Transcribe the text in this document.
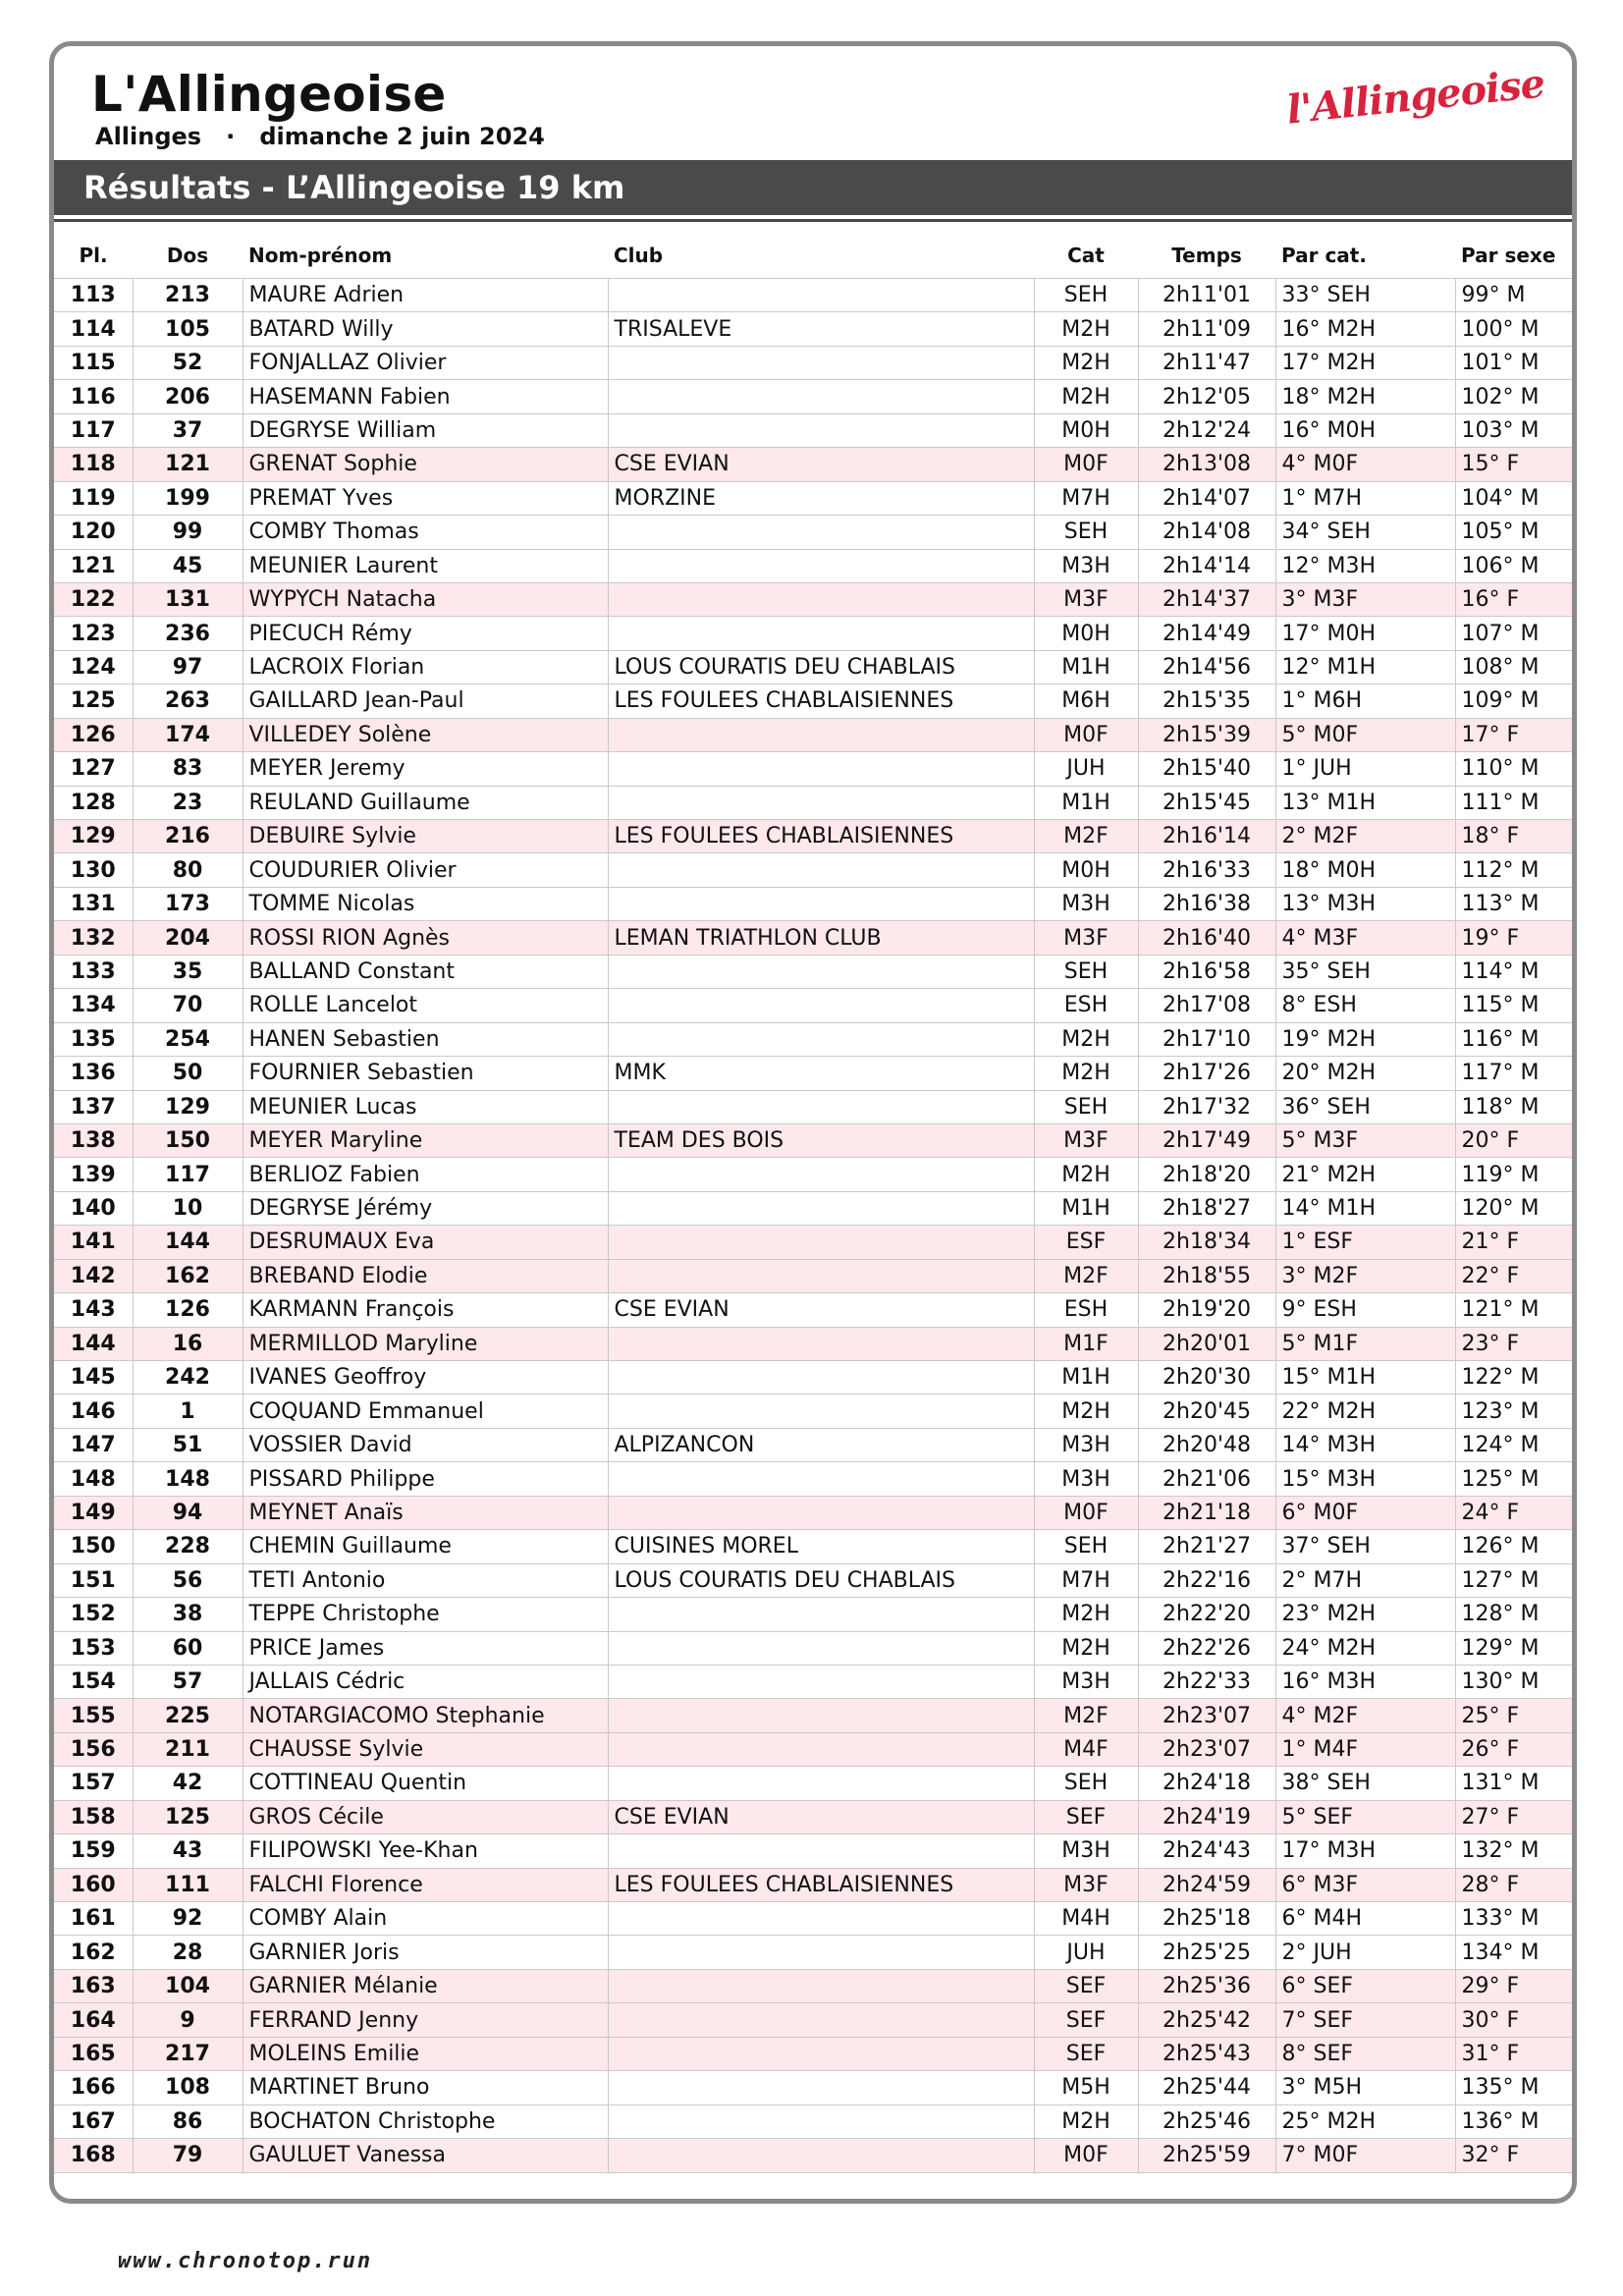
L'Allingeoise
Allinges · dimanche 2 juin 2024
l'Allingeoise
Résultats - L’Allingeoise 19 km
Pl.	Dos	Nom-prénom	Club	Cat	Temps	Par cat.	Par sexe
113	213	MAURE Adrien		SEH	2h11'01	33° SEH	99° M
114	105	BATARD Willy	TRISALEVE	M2H	2h11'09	16° M2H	100° M
115	52	FONJALLAZ Olivier		M2H	2h11'47	17° M2H	101° M
116	206	HASEMANN Fabien		M2H	2h12'05	18° M2H	102° M
117	37	DEGRYSE William		M0H	2h12'24	16° M0H	103° M
118	121	GRENAT Sophie	CSE EVIAN	M0F	2h13'08	4° M0F	15° F
119	199	PREMAT Yves	MORZINE	M7H	2h14'07	1° M7H	104° M
120	99	COMBY Thomas		SEH	2h14'08	34° SEH	105° M
121	45	MEUNIER Laurent		M3H	2h14'14	12° M3H	106° M
122	131	WYPYCH Natacha		M3F	2h14'37	3° M3F	16° F
123	236	PIECUCH Rémy		M0H	2h14'49	17° M0H	107° M
124	97	LACROIX Florian	LOUS COURATIS DEU CHABLAIS	M1H	2h14'56	12° M1H	108° M
125	263	GAILLARD Jean-Paul	LES FOULEES CHABLAISIENNES	M6H	2h15'35	1° M6H	109° M
126	174	VILLEDEY Solène		M0F	2h15'39	5° M0F	17° F
127	83	MEYER Jeremy		JUH	2h15'40	1° JUH	110° M
128	23	REULAND Guillaume		M1H	2h15'45	13° M1H	111° M
129	216	DEBUIRE Sylvie	LES FOULEES CHABLAISIENNES	M2F	2h16'14	2° M2F	18° F
130	80	COUDURIER Olivier		M0H	2h16'33	18° M0H	112° M
131	173	TOMME Nicolas		M3H	2h16'38	13° M3H	113° M
132	204	ROSSI RION Agnès	LEMAN TRIATHLON CLUB	M3F	2h16'40	4° M3F	19° F
133	35	BALLAND Constant		SEH	2h16'58	35° SEH	114° M
134	70	ROLLE Lancelot		ESH	2h17'08	8° ESH	115° M
135	254	HANEN Sebastien		M2H	2h17'10	19° M2H	116° M
136	50	FOURNIER Sebastien	MMK	M2H	2h17'26	20° M2H	117° M
137	129	MEUNIER Lucas		SEH	2h17'32	36° SEH	118° M
138	150	MEYER Maryline	TEAM DES BOIS	M3F	2h17'49	5° M3F	20° F
139	117	BERLIOZ Fabien		M2H	2h18'20	21° M2H	119° M
140	10	DEGRYSE Jérémy		M1H	2h18'27	14° M1H	120° M
141	144	DESRUMAUX Eva		ESF	2h18'34	1° ESF	21° F
142	162	BREBAND Elodie		M2F	2h18'55	3° M2F	22° F
143	126	KARMANN François	CSE EVIAN	ESH	2h19'20	9° ESH	121° M
144	16	MERMILLOD Maryline		M1F	2h20'01	5° M1F	23° F
145	242	IVANES Geoffroy		M1H	2h20'30	15° M1H	122° M
146	1	COQUAND Emmanuel		M2H	2h20'45	22° M2H	123° M
147	51	VOSSIER David	ALPIZANCON	M3H	2h20'48	14° M3H	124° M
148	148	PISSARD Philippe		M3H	2h21'06	15° M3H	125° M
149	94	MEYNET Anaïs		M0F	2h21'18	6° M0F	24° F
150	228	CHEMIN Guillaume	CUISINES MOREL	SEH	2h21'27	37° SEH	126° M
151	56	TETI Antonio	LOUS COURATIS DEU CHABLAIS	M7H	2h22'16	2° M7H	127° M
152	38	TEPPE Christophe		M2H	2h22'20	23° M2H	128° M
153	60	PRICE James		M2H	2h22'26	24° M2H	129° M
154	57	JALLAIS Cédric		M3H	2h22'33	16° M3H	130° M
155	225	NOTARGIACOMO Stephanie		M2F	2h23'07	4° M2F	25° F
156	211	CHAUSSE Sylvie		M4F	2h23'07	1° M4F	26° F
157	42	COTTINEAU Quentin		SEH	2h24'18	38° SEH	131° M
158	125	GROS Cécile	CSE EVIAN	SEF	2h24'19	5° SEF	27° F
159	43	FILIPOWSKI Yee-Khan		M3H	2h24'43	17° M3H	132° M
160	111	FALCHI Florence	LES FOULEES CHABLAISIENNES	M3F	2h24'59	6° M3F	28° F
161	92	COMBY Alain		M4H	2h25'18	6° M4H	133° M
162	28	GARNIER Joris		JUH	2h25'25	2° JUH	134° M
163	104	GARNIER Mélanie		SEF	2h25'36	6° SEF	29° F
164	9	FERRAND Jenny		SEF	2h25'42	7° SEF	30° F
165	217	MOLEINS Emilie		SEF	2h25'43	8° SEF	31° F
166	108	MARTINET Bruno		M5H	2h25'44	3° M5H	135° M
167	86	BOCHATON Christophe		M2H	2h25'46	25° M2H	136° M
168	79	GAULUET Vanessa		M0F	2h25'59	7° M0F	32° F
www.chronotop.run
